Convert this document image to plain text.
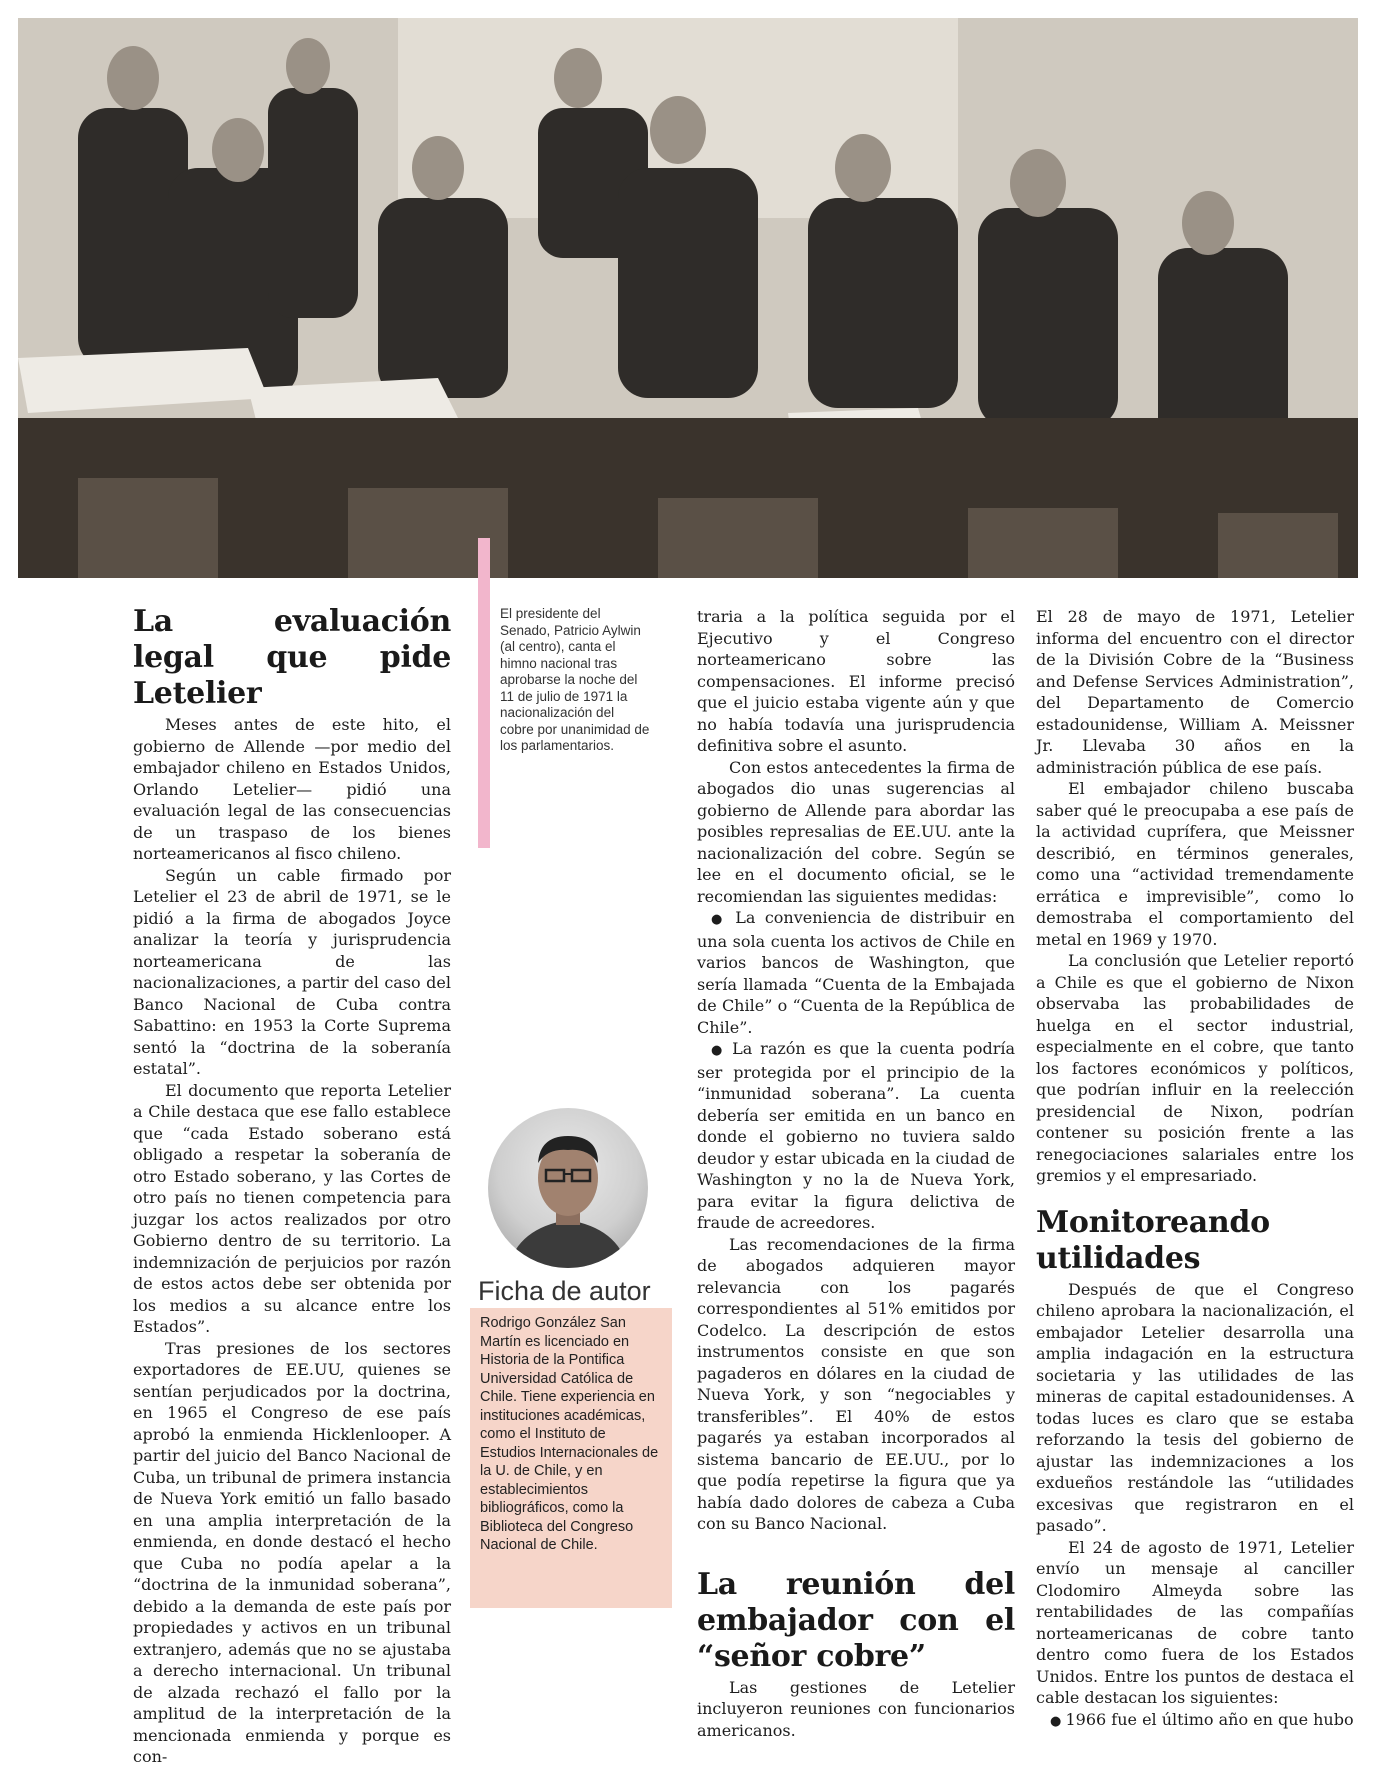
El presidente del Senado, Patricio Aylwin (al centro), canta el himno nacional tras aprobarse la noche del 11 de julio de 1971 la nacionalización del cobre por unanimidad de los parlamentarios.
La evaluación legal que pide Letelier

Meses antes de este hito, el gobierno de Allende —por medio del embajador chileno en Estados Unidos, Orlando Letelier— pidió una evaluación legal de las consecuencias de un traspaso de los bienes norteamericanos al fisco chileno.

Según un cable firmado por Letelier el 23 de abril de 1971, se le pidió a la firma de abogados Joyce analizar la teoría y jurisprudencia norteamericana de las nacionalizaciones, a partir del caso del Banco Nacional de Cuba contra Sabattino: en 1953 la Corte Suprema sentó la “doctrina de la soberanía estatal”.

El documento que reporta Letelier a Chile destaca que ese fallo establece que “cada Estado soberano está obligado a respetar la soberanía de otro Estado soberano, y las Cortes de otro país no tienen competencia para juzgar los actos realizados por otro Gobierno dentro de su territorio. La indemnización de perjuicios por razón de estos actos debe ser obtenida por los medios a su alcance entre los Estados”.

Tras presiones de los sectores exportadores de EE.UU, quienes se sentían perjudicados por la doctrina, en 1965 el Congreso de ese país aprobó la enmienda Hicklenlooper. A partir del juicio del Banco Nacional de Cuba, un tribunal de primera instancia de Nueva York emitió un fallo basado en una amplia interpretación de la enmienda, en donde destacó el hecho que Cuba no podía apelar a la “doctrina de la inmunidad soberana”, debido a la demanda de este país por propiedades y activos en un tribunal extranjero, además que no se ajustaba a derecho internacional. Un tribunal de alzada rechazó el fallo por la amplitud de la interpretación de la mencionada enmienda y porque es con-

Ficha de autor
Rodrigo González San Martín es licenciado en Historia de la Pontifica Universidad Católica de Chile. Tiene experiencia en instituciones académicas, como el Instituto de Estudios Internacionales de la U. de Chile, y en establecimientos bibliográficos, como la Biblioteca del Congreso Nacional de Chile.

traria a la política seguida por el Ejecutivo y el Congreso norteamericano sobre las compensaciones. El informe precisó que el juicio estaba vigente aún y que no había todavía una jurisprudencia definitiva sobre el asunto.

Con estos antecedentes la firma de abogados dio unas sugerencias al gobierno de Allende para abordar las posibles represalias de EE.UU. ante la nacionalización del cobre. Según se lee en el documento oficial, se le recomiendan las siguientes medidas:

● La conveniencia de distribuir en una sola cuenta los activos de Chile en varios bancos de Washington, que sería llamada “Cuenta de la Embajada de Chile” o “Cuenta de la República de Chile”.

● La razón es que la cuenta podría ser protegida por el principio de la “inmunidad soberana”. La cuenta debería ser emitida en un banco en donde el gobierno no tuviera saldo deudor y estar ubicada en la ciudad de Washington y no la de Nueva York, para evitar la figura delictiva de fraude de acreedores.

Las recomendaciones de la firma de abogados adquieren mayor relevancia con los pagarés correspondientes al 51% emitidos por Codelco. La descripción de estos instrumentos consiste en que son pagaderos en dólares en la ciudad de Nueva York, y son “negociables y transferibles”. El 40% de estos pagarés ya estaban incorporados al sistema bancario de EE.UU., por lo que podía repetirse la figura que ya había dado dolores de cabeza a Cuba con su Banco Nacional.

La reunión del embajador con el “señor cobre”

Las gestiones de Letelier incluyeron reuniones con funcionarios americanos.

El 28 de mayo de 1971, Letelier informa del encuentro con el director de la División Cobre de la “Business and Defense Services Administration”, del Departamento de Comercio estadounidense, William A. Meissner Jr. Llevaba 30 años en la administración pública de ese país.

El embajador chileno buscaba saber qué le preocupaba a ese país de la actividad cuprífera, que Meissner describió, en términos generales, como una “actividad tremendamente errática e imprevisible”, como lo demostraba el comportamiento del metal en 1969 y 1970.

La conclusión que Letelier reportó a Chile es que el gobierno de Nixon observaba las probabilidades de huelga en el sector industrial, especialmente en el cobre, que tanto los factores económicos y políticos, que podrían influir en la reelección presidencial de Nixon, podrían contener su posición frente a las renegociaciones salariales entre los gremios y el empresariado.

Monitoreando utilidades

Después de que el Congreso chileno aprobara la nacionalización, el embajador Letelier desarrolla una amplia indagación en la estructura societaria y las utilidades de las mineras de capital estadounidenses. A todas luces es claro que se estaba reforzando la tesis del gobierno de ajustar las indemnizaciones a los exdueños restándole las “utilidades excesivas que registraron en el pasado”.

El 24 de agosto de 1971, Letelier envío un mensaje al canciller Clodomiro Almeyda sobre las rentabilidades de las compañías norteamericanas de cobre tanto dentro como fuera de los Estados Unidos. Entre los puntos de destaca el cable destacan los siguientes:

● 1966 fue el último año en que hubo
